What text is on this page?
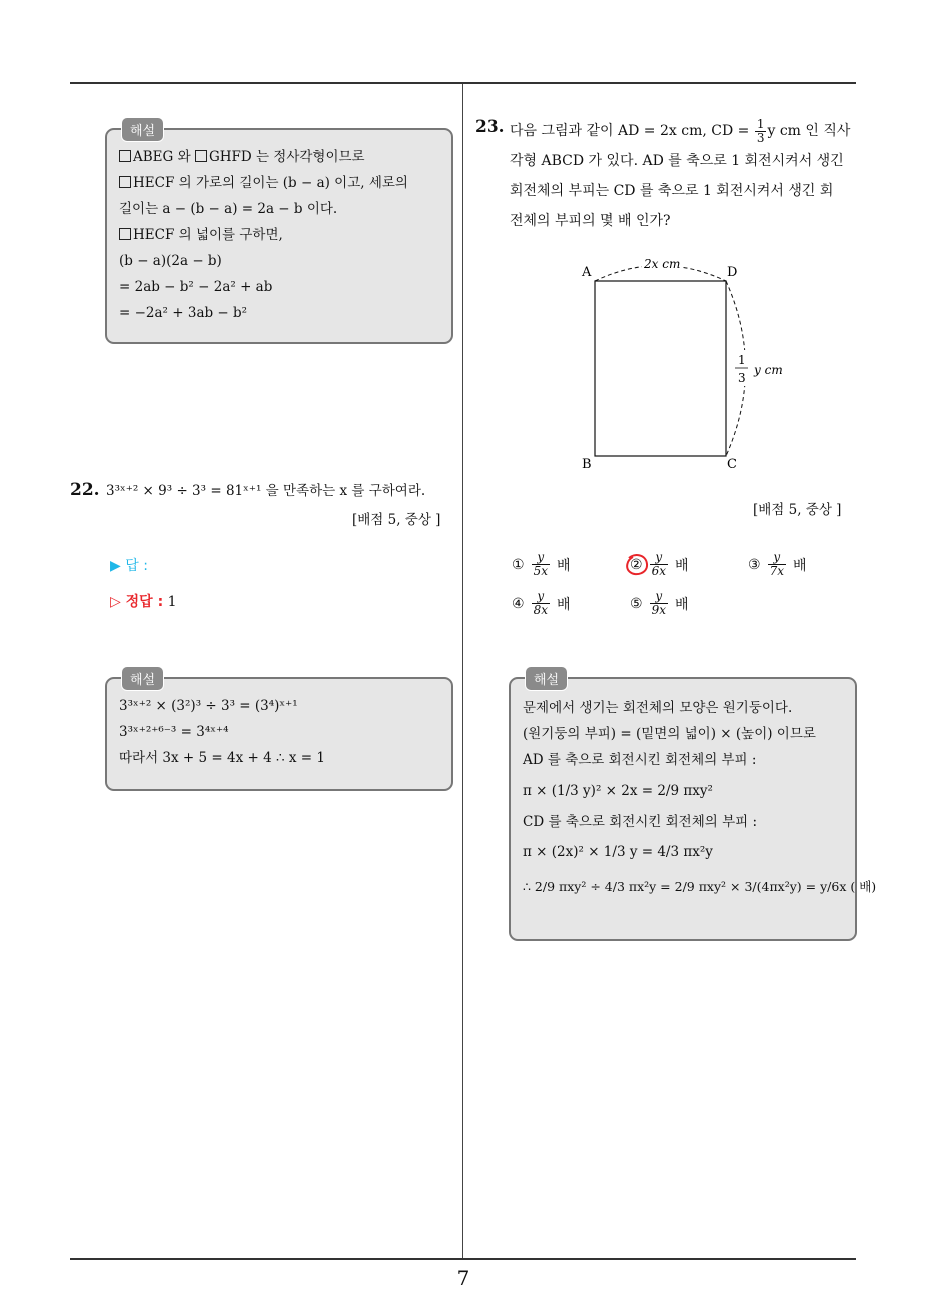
해설
ABEG 와 GHFD 는 정사각형이므로
HECF 의 가로의 길이는 (b − a) 이고, 세로의
길이는 a − (b − a) = 2a − b 이다.
HECF 의 넓이를 구하면,
(b − a)(2a − b)
= 2ab − b² − 2a² + ab
= −2a² + 3ab − b²
22. 3³ˣ⁺² × 9³ ÷ 3³ = 81ˣ⁺¹ 을 만족하는 x 를 구하여라.
[배점 5, 중상 ]
▶ 답 :
▷ 정답 : 1
해설
3³ˣ⁺² × (3²)³ ÷ 3³ = (3⁴)ˣ⁺¹
3³ˣ⁺²⁺⁶⁻³ = 3⁴ˣ⁺⁴
따라서 3x + 5 = 4x + 4 ∴ x = 1
23. 다음 그림과 같이 AD = 2x cm, CD = $\frac{1}{3}$ y cm 인 직사
각형 ABCD 가 있다. AD 를 축으로 1 회전시켜서 생긴
회전체의 부피는 CD 를 축으로 1 회전시켜서 생긴 회
전체의 부피의 몇 배 인가?
A	D
B	C
2x cm
1
3
y cm
[배점 5, 중상 ]
① $\frac{y}{5x}$ 배	② $\frac{y}{6x}$ 배	③ $\frac{y}{7x}$ 배
④ $\frac{y}{8x}$ 배	⑤ $\frac{y}{9x}$ 배
해설
문제에서 생기는 회전체의 모양은 원기둥이다.
(원기둥의 부피) = (밑면의 넓이) × (높이) 이므로
AD 를 축으로 회전시킨 회전체의 부피 :
π × (1/3 y)² × 2x = 2/9 πxy²
CD 를 축으로 회전시킨 회전체의 부피 :
π × (2x)² × 1/3 y = 4/3 πx²y
∴ 2/9 πxy² ÷ 4/3 πx²y = 2/9 πxy² × 3/(4πx²y) = y/6x ( 배)
7
